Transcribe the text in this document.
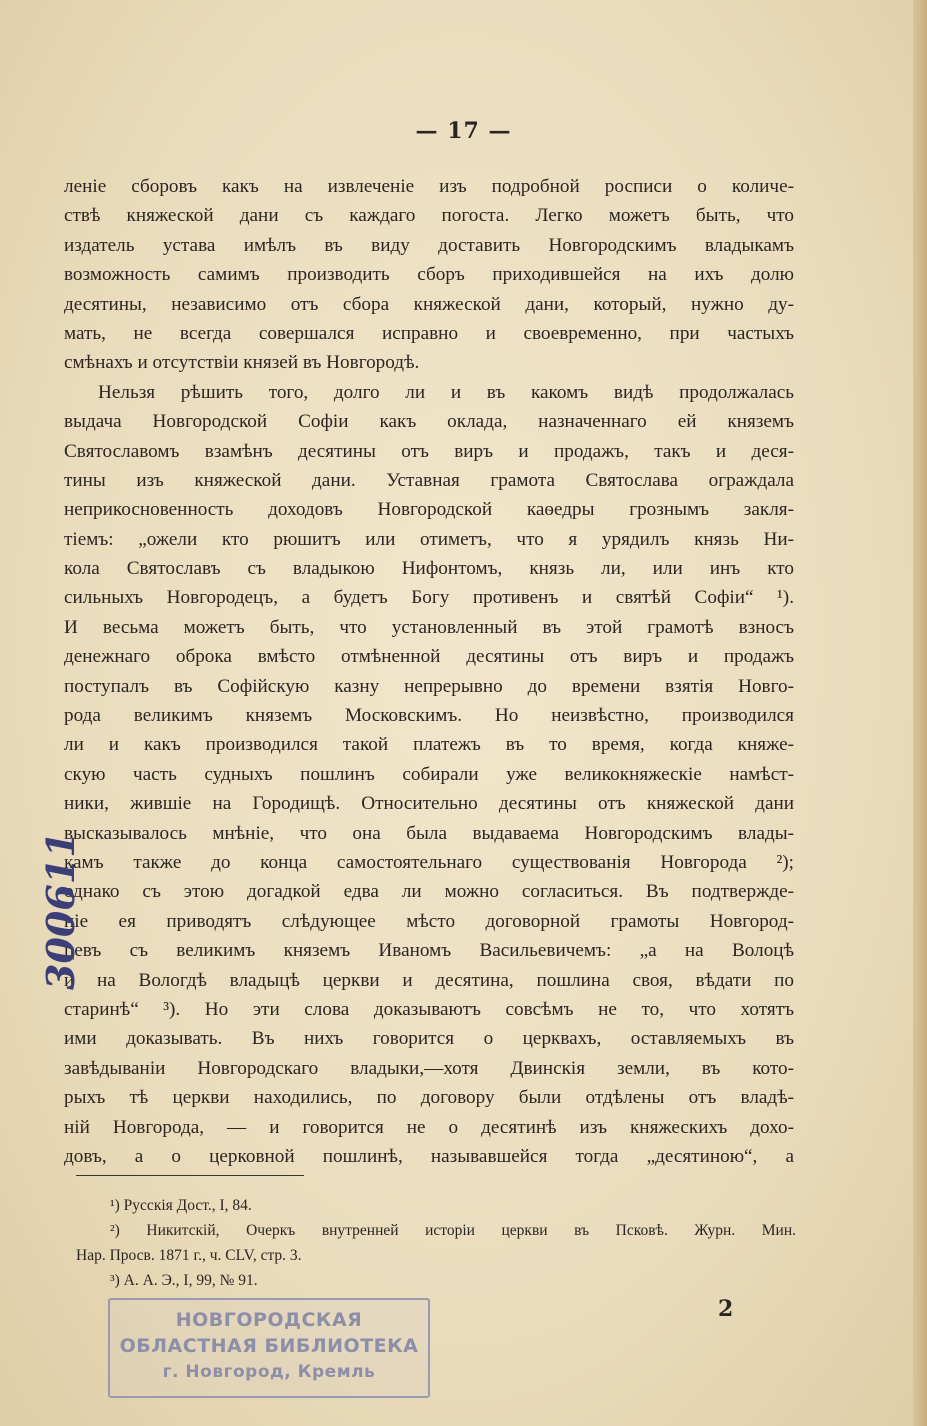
— 17 —
леніе сборовъ какъ на извлеченіе изъ подробной росписи о количе-
ствѣ княжеской дани съ каждаго погоста. Легко можетъ быть, что
издатель устава имѣлъ въ виду доставить Новгородскимъ владыкамъ
возможность самимъ производить сборъ приходившейся на ихъ долю
десятины, независимо отъ сбора княжеской дани, который, нужно ду-
мать, не всегда совершался исправно и своевременно, при частыхъ
смѣнахъ и отсутствіи князей въ Новгородѣ.
Нельзя рѣшить того, долго ли и въ какомъ видѣ продолжалась
выдача Новгородской Софіи какъ оклада, назначеннаго ей княземъ
Святославомъ взамѣнъ десятины отъ виръ и продажъ, такъ и деся-
тины изъ княжеской дани. Уставная грамота Святослава ограждала
неприкосновенность доходовъ Новгородской каѳедры грознымъ закля-
тіемъ: „ожели кто рюшитъ или отиметъ, что я урядилъ князь Ни-
кола Святославъ съ владыкою Нифонтомъ, князь ли, или инъ кто
сильныхъ Новгородецъ, а будетъ Богу противенъ и святѣй Софіи“ ¹).
И весьма можетъ быть, что установленный въ этой грамотѣ взносъ
денежнаго оброка вмѣсто отмѣненной десятины отъ виръ и продажъ
поступалъ въ Софійскую казну непрерывно до времени взятія Новго-
рода великимъ княземъ Московскимъ. Но неизвѣстно, производился
ли и какъ производился такой платежъ въ то время, когда княже-
скую часть судныхъ пошлинъ собирали уже великокняжескіе намѣст-
ники, жившіе на Городищѣ. Относительно десятины отъ княжеской дани
высказывалось мнѣніе, что она была выдаваема Новгородскимъ влады-
камъ также до конца самостоятельнаго существованія Новгорода ²);
однако съ этою догадкой едва ли можно согласиться. Въ подтвержде-
ніе ея приводятъ слѣдующее мѣсто договорной грамоты Новгород-
цевъ съ великимъ княземъ Иваномъ Васильевичемъ: „а на Волоцѣ
и на Вологдѣ владыцѣ церкви и десятина, пошлина своя, вѣдати по
старинѣ“ ³). Но эти слова доказываютъ совсѣмъ не то, что хотятъ
ими доказывать. Въ нихъ говорится о церквахъ, оставляемыхъ въ
завѣдываніи Новгородскаго владыки,—хотя Двинскія земли, въ кото-
рыхъ тѣ церкви находились, по договору были отдѣлены отъ владѣ-
ній Новгорода, — и говорится не о десятинѣ изъ княжескихъ дохо-
довъ, а о церковной пошлинѣ, называвшейся тогда „десятиною“, а
¹) Русскія Дост., I, 84.
²) Никитскій, Очеркъ внутренней исторіи церкви въ Псковѣ. Журн. Мин.
Нар. Просв. 1871 г., ч. CLV, стр. 3.
³) А. А. Э., I, 99, № 91.
2
НОВГОРОДСКАЯ
ОБЛАСТНАЯ БИБЛИОТЕКА
г. Новгород, Кремль
300611
